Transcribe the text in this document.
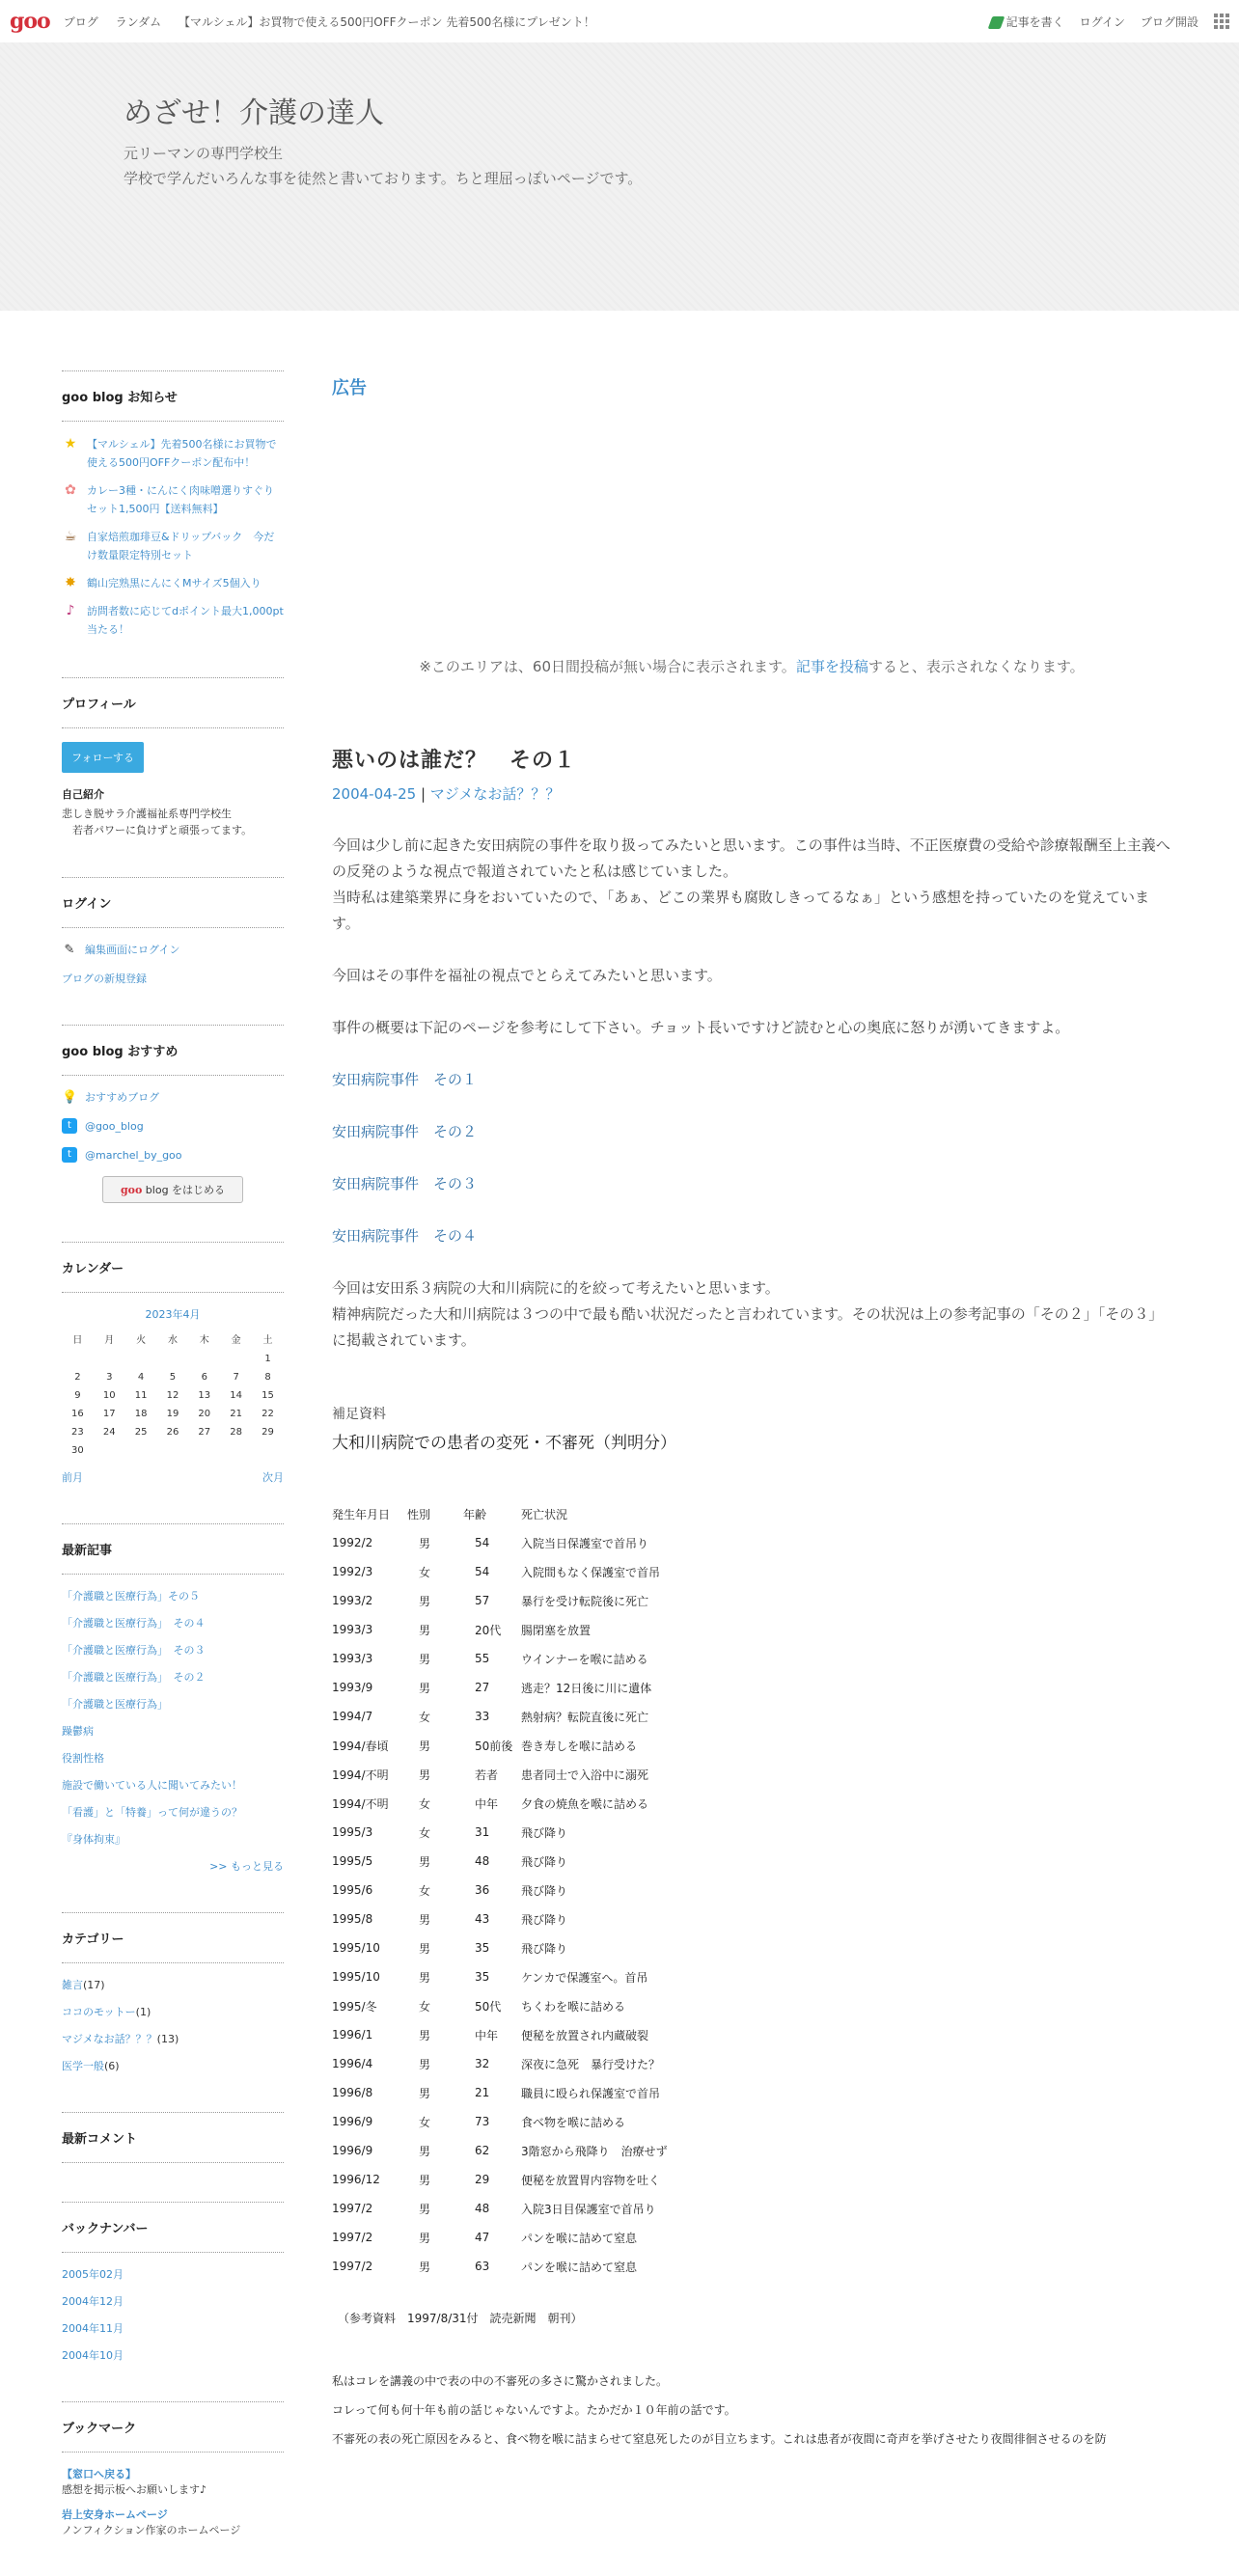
goo	ブログ ランダム 【マルシェル】お買物で使える500円OFFクーポン 先着500名様にプレゼント！	記事を書く ログイン ブログ開設
めざせ！介護の達人
元リーマンの専門学校生
学校で学んだいろんな事を徒然と書いております。ちと理屈っぽいページです。
goo blog お知らせ
★ 【マルシェル】先着500名様にお買物で使える500円OFFクーポン配布中！
✿ カレー3種・にんにく肉味噌選りすぐりセット1,500円【送料無料】
☕ 自家焙煎珈琲豆&ドリップバック　今だけ数量限定特別セット
✸ 鶴山完熟黒にんにくMサイズ5個入り
♪	訪問者数に応じてdポイント最大1,000pt当たる！
プロフィール
フォローする
自己紹介
悲しき脱サラ介護福祉系専門学校生
　若者パワーに負けずと頑張ってます。
ログイン
✎ 編集画面にログイン
ブログの新規登録
goo blog おすすめ
💡 おすすめブログ
t	@goo_blog
t	@marchel_by_goo
goo blog をはじめる
カレンダー
2023年4月
日	月	火	水	木	金	土
						1
2	3	4	5	6	7	8
9	10	11	12	13	14	15
16	17	18	19	20	21	22
23	24	25	26	27	28	29
30						
前月	次月
最新記事
「介護職と医療行為」その５
「介護職と医療行為」　その４
「介護職と医療行為」　その３
「介護職と医療行為」　その２
「介護職と医療行為」
躁鬱病
役割性格
施設で働いている人に聞いてみたい！
「看護」と「特養」って何が違うの？
『身体拘束』
>> もっと見る
カテゴリー
雑言(17)
ココのモットー(1)
マジメなお話？？？(13)
医学一般(6)
最新コメント
バックナンバー
2005年02月
2004年12月
2004年11月
2004年10月
ブックマーク
【窓口へ戻る】
感想を掲示板へお願いします♪
岩上安身ホームページ
ノンフィクション作家のホームページ
広告
※このエリアは、60日間投稿が無い場合に表示されます。記事を投稿すると、表示されなくなります。
悪いのは誰だ？　その１
2004-04-25 | マジメなお話？？？

今回は少し前に起きた安田病院の事件を取り扱ってみたいと思います。この事件は当時、不正医療費の受給や診療報酬至上主義への反発のような視点で報道されていたと私は感じていました。
当時私は建築業界に身をおいていたので、「あぁ、どこの業界も腐敗しきってるなぁ」という感想を持っていたのを覚えています。

今回はその事件を福祉の視点でとらえてみたいと思います。

事件の概要は下記のページを参考にして下さい。チョット長いですけど読むと心の奥底に怒りが湧いてきますよ。

安田病院事件　その１

安田病院事件　その２

安田病院事件　その３

安田病院事件　その４

今回は安田系３病院の大和川病院に的を絞って考えたいと思います。
精神病院だった大和川病院は３つの中で最も酷い状況だったと言われています。その状況は上の参考記事の「その２」「その３」に掲載されています。

補足資料
大和川病院での患者の変死・不審死（判明分）
発生年月日	性別	年齢	死亡状況
1992/2	男	54	入院当日保護室で首吊り
1992/3	女	54	入院間もなく保護室で首吊
1993/2	男	57	暴行を受け転院後に死亡
1993/3	男	20代	腸閉塞を放置
1993/3	男	55	ウインナーを喉に詰める
1993/9	男	27	逃走？12日後に川に遺体
1994/7	女	33	熱射病？転院直後に死亡
1994/春頃	男	50前後	巻き寿しを喉に詰める
1994/不明	男	若者	患者同士で入浴中に溺死
1994/不明	女	中年	夕食の焼魚を喉に詰める
1995/3	女	31	飛び降り
1995/5	男	48	飛び降り
1995/6	女	36	飛び降り
1995/8	男	43	飛び降り
1995/10	男	35	飛び降り
1995/10	男	35	ケンカで保護室へ。首吊
1995/冬	女	50代	ちくわを喉に詰める
1996/1	男	中年	便秘を放置され内蔵破裂
1996/4	男	32	深夜に急死　暴行受けた？
1996/8	男	21	職員に殴られ保護室で首吊
1996/9	女	73	食べ物を喉に詰める
1996/9	男	62	3階窓から飛降り　治療せず
1996/12	男	29	便秘を放置胃内容物を吐く
1997/2	男	48	入院3日目保護室で首吊り
1997/2	男	47	パンを喉に詰めて窒息
1997/2	男	63	パンを喉に詰めて窒息
（参考資料　1997/8/31付　読売新聞　朝刊）
私はコレを講義の中で表の中の不審死の多さに驚かされました。
コレって何も何十年も前の話じゃないんですよ。たかだか１０年前の話です。
不審死の表の死亡原因をみると、食べ物を喉に詰まらせて窒息死したのが目立ちます。これは患者が夜間に奇声を挙げさせたり夜間徘徊させるのを防
